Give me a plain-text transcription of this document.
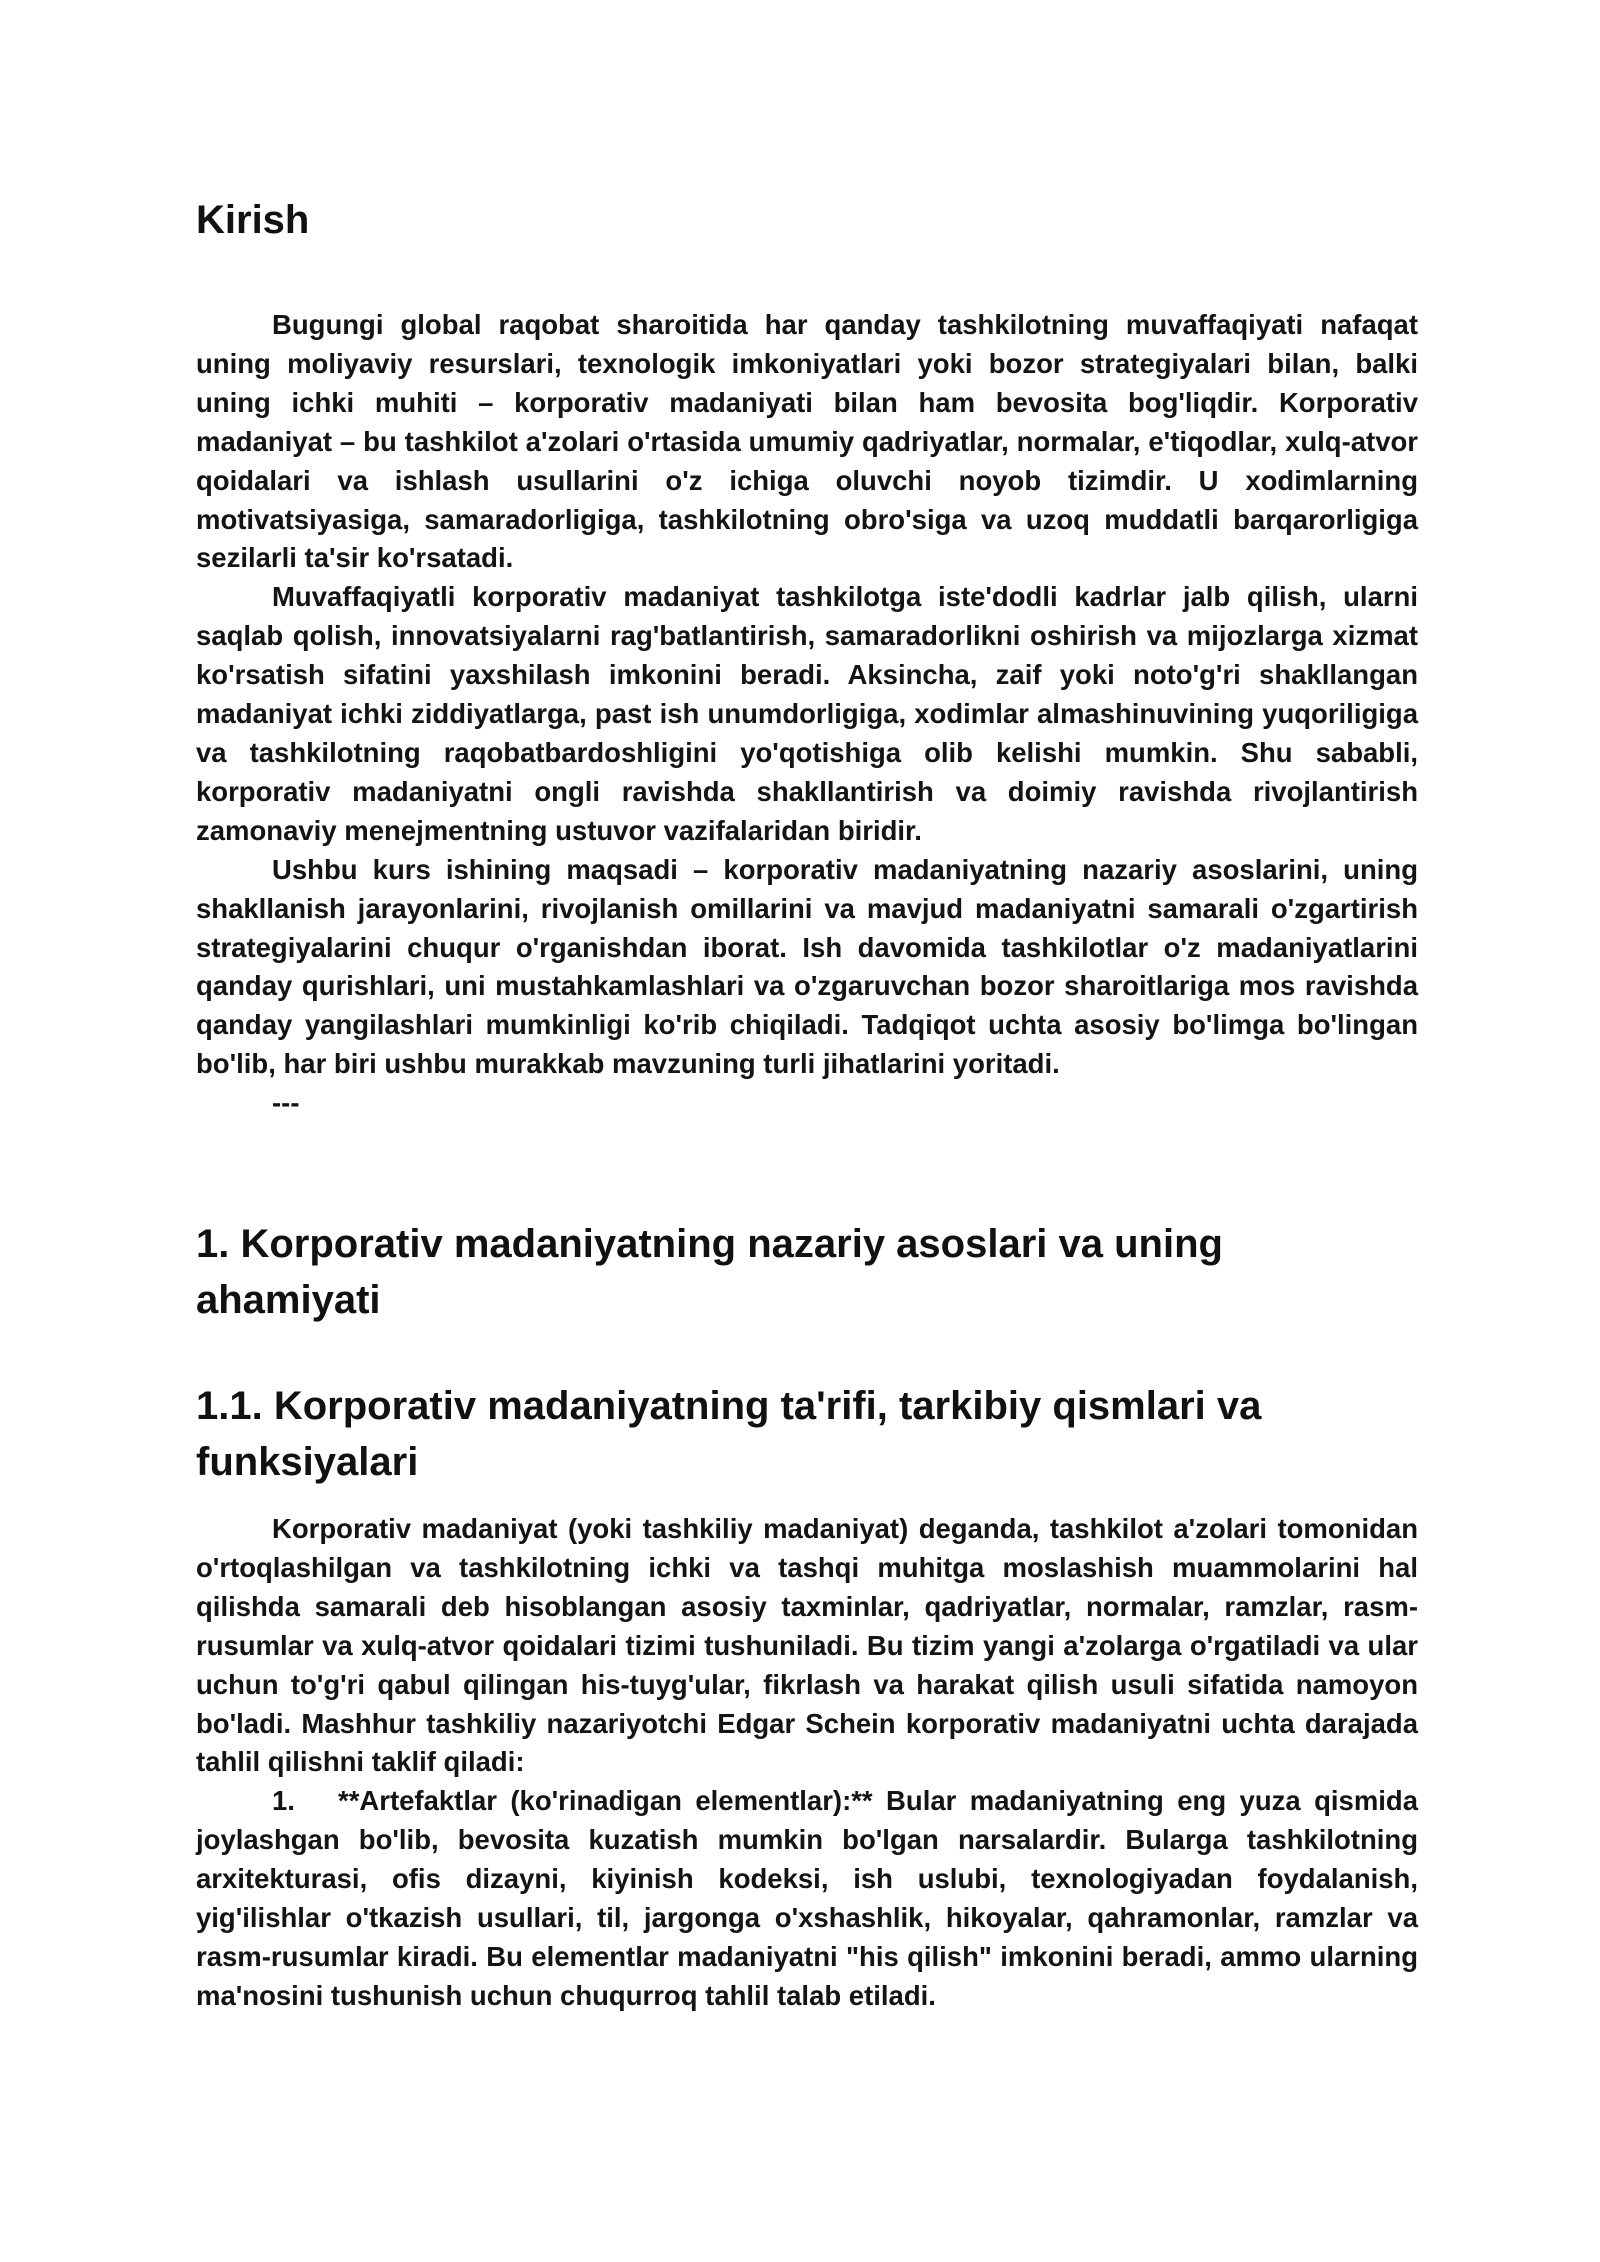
Kirish

Bugungi global raqobat sharoitida har qanday tashkilotning muvaffaqiyati nafaqat uning moliyaviy resurslari, texnologik imkoniyatlari yoki bozor strategiyalari bilan, balki uning ichki muhiti – korporativ madaniyati bilan ham bevosita bog'liqdir. Korporativ madaniyat – bu tashkilot a'zolari o'rtasida umumiy qadriyatlar, normalar, e'tiqodlar, xulq-atvor qoidalari va ishlash usullarini o'z ichiga oluvchi noyob tizimdir. U xodimlarning motivatsiyasiga, samaradorligiga, tashkilotning obro'siga va uzoq muddatli barqarorligiga sezilarli ta'sir ko'rsatadi.

Muvaffaqiyatli korporativ madaniyat tashkilotga iste'dodli kadrlar jalb qilish, ularni saqlab qolish, innovatsiyalarni rag'batlantirish, samaradorlikni oshirish va mijozlarga xizmat ko'rsatish sifatini yaxshilash imkonini beradi. Aksincha, zaif yoki noto'g'ri shakllangan madaniyat ichki ziddiyatlarga, past ish unumdorligiga, xodimlar almashinuvining yuqoriligiga va tashkilotning raqobatbardoshligini yo'qotishiga olib kelishi mumkin. Shu sababli, korporativ madaniyatni ongli ravishda shakllantirish va doimiy ravishda rivojlantirish zamonaviy menejmentning ustuvor vazifalaridan biridir.

Ushbu kurs ishining maqsadi – korporativ madaniyatning nazariy asoslarini, uning shakllanish jarayonlarini, rivojlanish omillarini va mavjud madaniyatni samarali o'zgartirish strategiyalarini chuqur o'rganishdan iborat. Ish davomida tashkilotlar o'z madaniyatlarini qanday qurishlari, uni mustahkamlashlari va o'zgaruvchan bozor sharoitlariga mos ravishda qanday yangilashlari mumkinligi ko'rib chiqiladi. Tadqiqot uchta asosiy bo'limga bo'lingan bo'lib, har biri ushbu murakkab mavzuning turli jihatlarini yoritadi.

---

1. Korporativ madaniyatning nazariy asoslari va uning ahamiyati
1.1. Korporativ madaniyatning ta'rifi, tarkibiy qismlari va funksiyalari

Korporativ madaniyat (yoki tashkiliy madaniyat) deganda, tashkilot a'zolari tomonidan o'rtoqlashilgan va tashkilotning ichki va tashqi muhitga moslashish muammolarini hal qilishda samarali deb hisoblangan asosiy taxminlar, qadriyatlar, normalar, ramzlar, rasm-rusumlar va xulq-atvor qoidalari tizimi tushuniladi. Bu tizim yangi a'zolarga o'rgatiladi va ular uchun to'g'ri qabul qilingan his-tuyg'ular, fikrlash va harakat qilish usuli sifatida namoyon bo'ladi. Mashhur tashkiliy nazariyotchi Edgar Schein korporativ madaniyatni uchta darajada tahlil qilishni taklif qiladi:

1. **Artefaktlar (ko'rinadigan elementlar):** Bular madaniyatning eng yuza qismida joylashgan bo'lib, bevosita kuzatish mumkin bo'lgan narsalardir. Bularga tashkilotning arxitekturasi, ofis dizayni, kiyinish kodeksi, ish uslubi, texnologiyadan foydalanish, yig'ilishlar o'tkazish usullari, til, jargonga o'xshashlik, hikoyalar, qahramonlar, ramzlar va rasm-rusumlar kiradi. Bu elementlar madaniyatni "his qilish" imkonini beradi, ammo ularning ma'nosini tushunish uchun chuqurroq tahlil talab etiladi.
